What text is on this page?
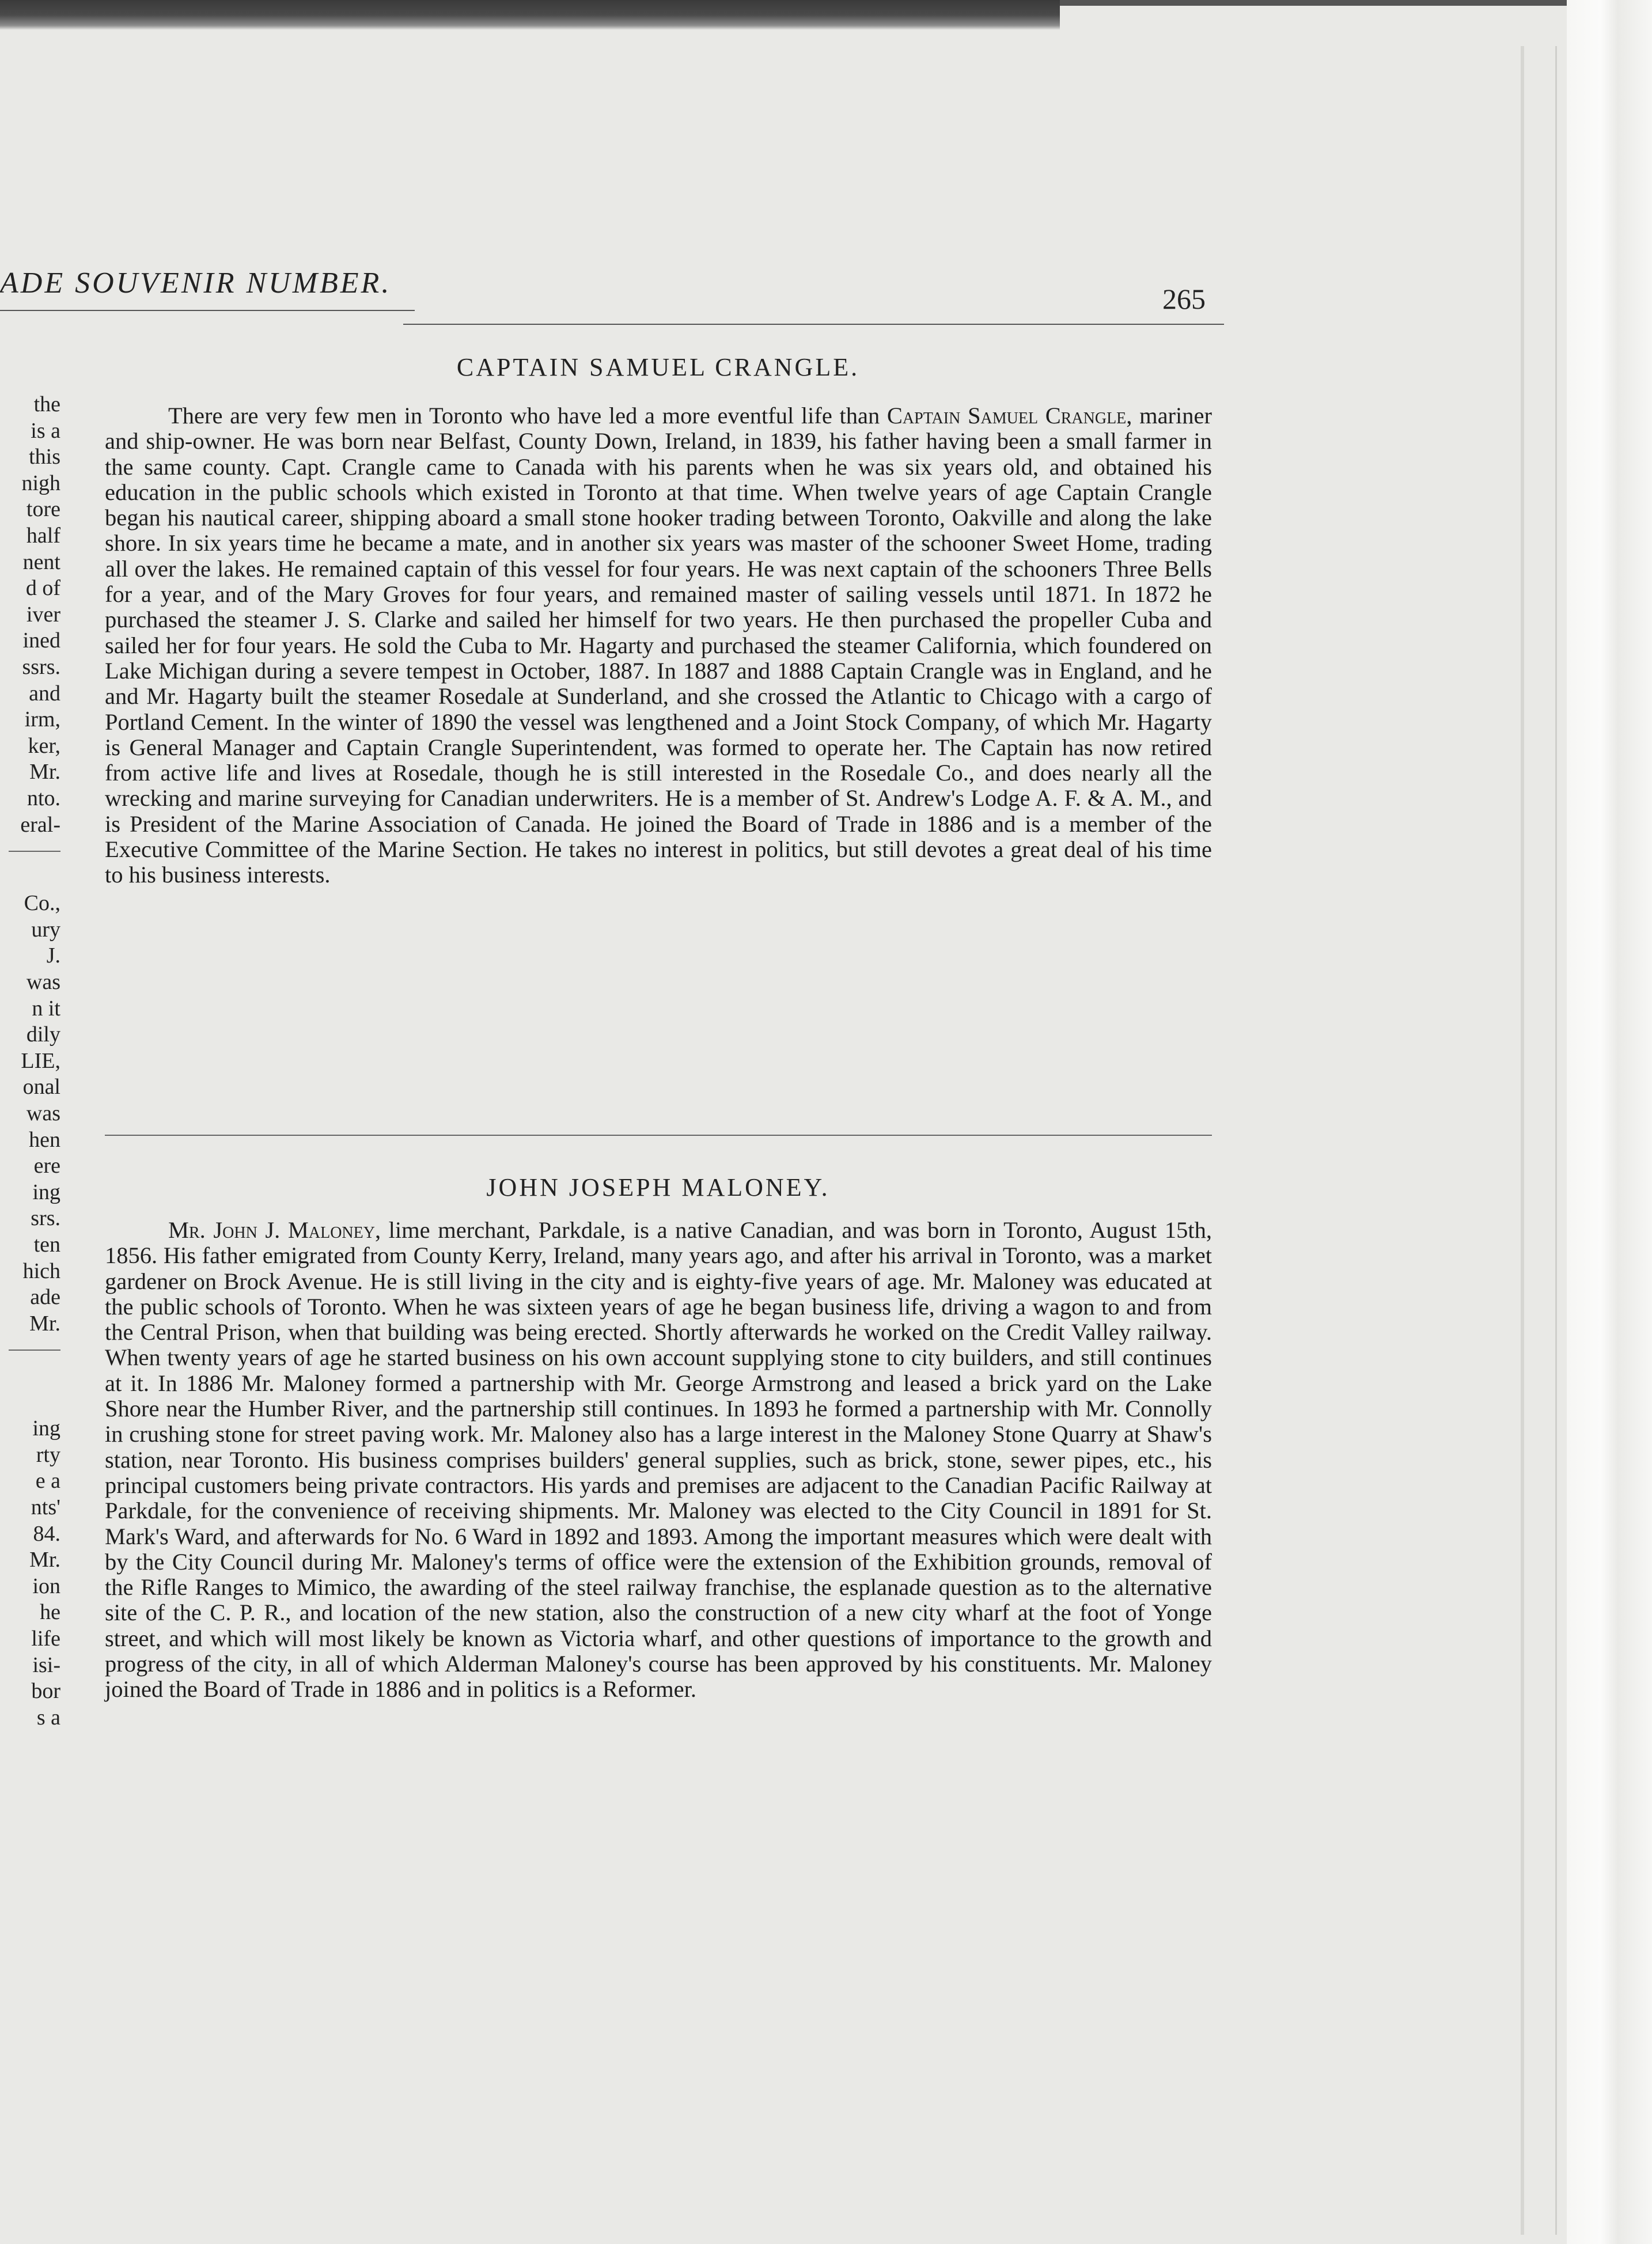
ADE SOUVENIR NUMBER.	265
the
is a
this
nigh
tore
half
nent
d of
iver
ined
ssrs.
and
irm,
ker,
Mr.
nto.
eral-
Co.,
ury
J.
was
n it
dily
LIE,
onal
was
hen
ere
ing
srs.
ten
hich
ade
Mr.
ing
rty
e a
nts'
84.
Mr.
ion
he
life
isi-
bor
s a
CAPTAIN SAMUEL CRANGLE.
There are very few men in Toronto who have led a more eventful life than Captain Samuel Crangle, mariner and ship-owner. He was born near Belfast, County Down, Ireland, in 1839, his father having been a small farmer in the same county. Capt. Crangle came to Canada with his parents when he was six years old, and obtained his education in the public schools which existed in Toronto at that time. When twelve years of age Captain Crangle began his nautical career, shipping aboard a small stone hooker trading between Toronto, Oakville and along the lake shore. In six years time he became a mate, and in another six years was master of the schooner Sweet Home, trading all over the lakes. He remained captain of this vessel for four years. He was next captain of the schooners Three Bells for a year, and of the Mary Groves for four years, and remained master of sailing vessels until 1871. In 1872 he purchased the steamer J. S. Clarke and sailed her himself for two years. He then purchased the propeller Cuba and sailed her for four years. He sold the Cuba to Mr. Hagarty and purchased the steamer California, which foundered on Lake Michigan during a severe tempest in October, 1887. In 1887 and 1888 Captain Crangle was in England, and he and Mr. Hagarty built the steamer Rosedale at Sunderland, and she crossed the Atlantic to Chicago with a cargo of Portland Cement. In the winter of 1890 the vessel was lengthened and a Joint Stock Company, of which Mr. Hagarty is General Manager and Captain Crangle Superintendent, was formed to operate her. The Captain has now retired from active life and lives at Rosedale, though he is still interested in the Rosedale Co., and does nearly all the wrecking and marine surveying for Canadian underwriters. He is a member of St. Andrew's Lodge A. F. & A. M., and is President of the Marine Association of Canada. He joined the Board of Trade in 1886 and is a member of the Executive Committee of the Marine Section. He takes no interest in politics, but still devotes a great deal of his time to his business interests.
JOHN JOSEPH MALONEY.
Mr. John J. Maloney, lime merchant, Parkdale, is a native Canadian, and was born in Toronto, August 15th, 1856. His father emigrated from County Kerry, Ireland, many years ago, and after his arrival in Toronto, was a market gardener on Brock Avenue. He is still living in the city and is eighty-five years of age. Mr. Maloney was educated at the public schools of Toronto. When he was sixteen years of age he began business life, driving a wagon to and from the Central Prison, when that building was being erected. Shortly afterwards he worked on the Credit Valley railway. When twenty years of age he started business on his own account supplying stone to city builders, and still continues at it. In 1886 Mr. Maloney formed a partnership with Mr. George Armstrong and leased a brick yard on the Lake Shore near the Humber River, and the partnership still continues. In 1893 he formed a partnership with Mr. Connolly in crushing stone for street paving work. Mr. Maloney also has a large interest in the Maloney Stone Quarry at Shaw's station, near Toronto. His business comprises builders' general supplies, such as brick, stone, sewer pipes, etc., his principal customers being private contractors. His yards and premises are adjacent to the Canadian Pacific Railway at Parkdale, for the convenience of receiving shipments. Mr. Maloney was elected to the City Council in 1891 for St. Mark's Ward, and afterwards for No. 6 Ward in 1892 and 1893. Among the important measures which were dealt with by the City Council during Mr. Maloney's terms of office were the extension of the Exhibition grounds, removal of the Rifle Ranges to Mimico, the awarding of the steel railway franchise, the esplanade question as to the alternative site of the C. P. R., and location of the new station, also the construction of a new city wharf at the foot of Yonge street, and which will most likely be known as Victoria wharf, and other questions of importance to the growth and progress of the city, in all of which Alderman Maloney's course has been approved by his constituents. Mr. Maloney joined the Board of Trade in 1886 and in politics is a Reformer.
